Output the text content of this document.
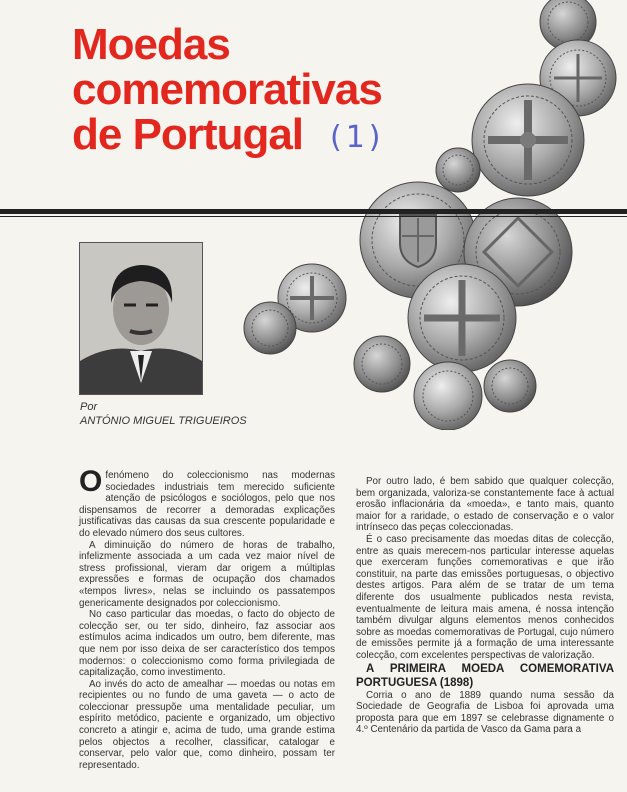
Moedas
comemorativas
de Portugal (1)
Por
ANTÓNIO MIGUEL TRIGUEIROS

O fenómeno do coleccionismo nas modernas sociedades industriais tem merecido suficiente atenção de psicólogos e sociólogos, pelo que nos dispensamos de recorrer a demoradas explicações justificativas das causas da sua crescente popularidade e do elevado número dos seus cultores.

A diminuição do número de horas de trabalho, infelizmente associada a um cada vez maior nível de stress profissional, vieram dar origem a múltiplas expressões e formas de ocupação dos chamados «tempos livres», nelas se incluindo os passatempos genericamente designados por coleccionismo.

No caso particular das moedas, o facto do objecto de colecção ser, ou ter sido, dinheiro, faz associar aos estímulos acima indicados um outro, bem diferente, mas que nem por isso deixa de ser característico dos tempos modernos: o coleccionismo como forma privilegiada de capitalização, como investimento.

Ao invés do acto de amealhar — moedas ou notas em recipientes ou no fundo de uma gaveta — o acto de coleccionar pressupõe uma mentalidade peculiar, um espírito metódico, paciente e organizado, um objectivo concreto a atingir e, acima de tudo, uma grande estima pelos objectos a recolher, classificar, catalogar e conservar, pelo valor que, como dinheiro, possam ter representado.

Por outro lado, é bem sabido que qualquer colecção, bem organizada, valoriza-se constantemente face à actual erosão inflacionária da «moeda», e tanto mais, quanto maior for a raridade, o estado de conservação e o valor intrínseco das peças coleccionadas.

É o caso precisamente das moedas ditas de colecção, entre as quais merecem-nos particular interesse aquelas que exerceram funções comemorativas e que irão constituir, na parte das emissões portuguesas, o objectivo destes artigos. Para além de se tratar de um tema diferente dos usualmente publicados nesta revista, eventualmente de leitura mais amena, é nossa intenção também divulgar alguns elementos menos conhecidos sobre as moedas comemorativas de Portugal, cujo número de emissões permite já a formação de uma interessante colecção, com excelentes perspectivas de valorização.

A PRIMEIRA MOEDA COMEMORATIVA PORTUGUESA (1898)

Corria o ano de 1889 quando numa sessão da Sociedade de Geografia de Lisboa foi aprovada uma proposta para que em 1897 se celebrasse dignamente o 4.º Centenário da partida de Vasco da Gama para a
